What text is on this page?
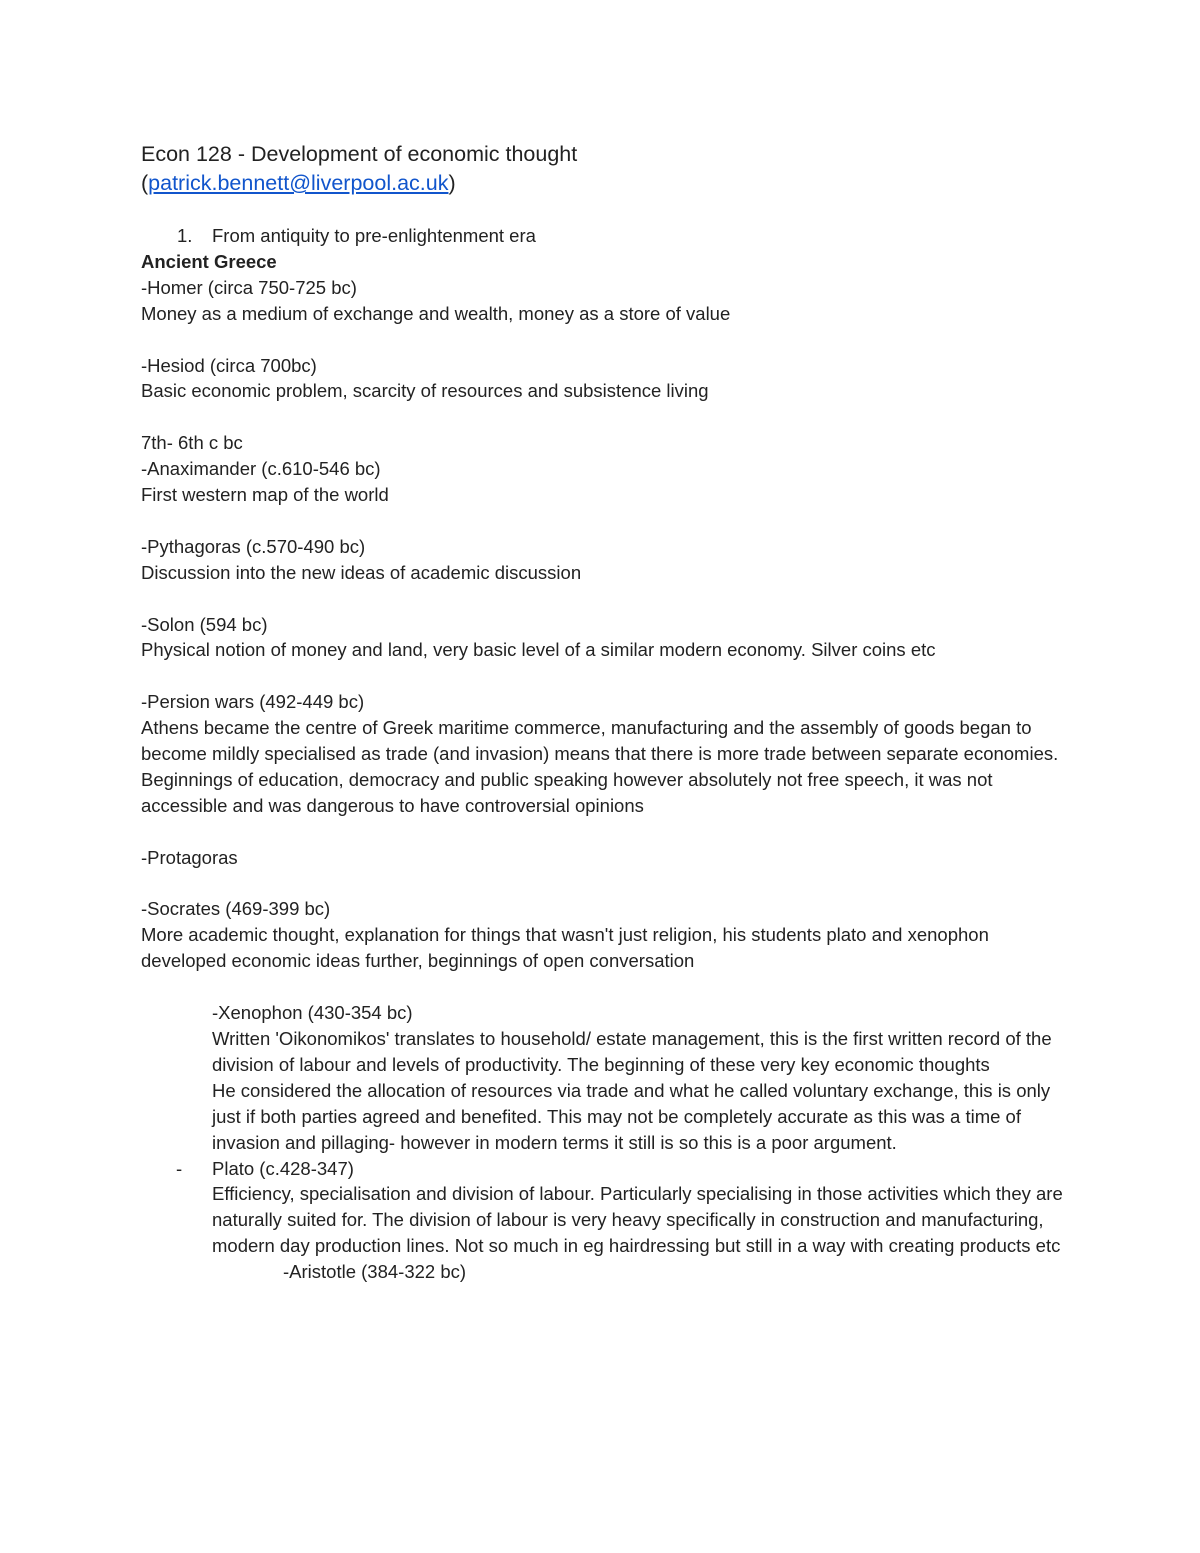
Econ 128 - Development of economic thought

(patrick.bennett@liverpool.ac.uk)

1. From antiquity to pre-enlightenment era

Ancient Greece

-Homer (circa 750-725 bc)

Money as a medium of exchange and wealth, money as a store of value

-Hesiod (circa 700bc)

Basic economic problem, scarcity of resources and subsistence living

7th- 6th c bc

-Anaximander (c.610-546 bc)

First western map of the world

-Pythagoras (c.570-490 bc)

Discussion into the new ideas of academic discussion

-Solon (594 bc)

Physical notion of money and land, very basic level of a similar modern economy. Silver coins etc

-Persion wars (492-449 bc)

Athens became the centre of Greek maritime commerce, manufacturing and the assembly of goods began to become mildly specialised as trade (and invasion) means that there is more trade between separate economies.

Beginnings of education, democracy and public speaking however absolutely not free speech, it was not accessible and was dangerous to have controversial opinions

-Protagoras

-Socrates (469-399 bc)

More academic thought, explanation for things that wasn't just religion, his students plato and xenophon developed economic ideas further, beginnings of open conversation

-Xenophon (430-354 bc)

Written 'Oikonomikos' translates to household/ estate management, this is the first written record of the division of labour and levels of productivity. The beginning of these very key economic thoughts

He considered the allocation of resources via trade and what he called voluntary exchange, this is only just if both parties agreed and benefited. This may not be completely accurate as this was a time of invasion and pillaging- however in modern terms it still is so this is a poor argument.

- Plato (c.428-347)

Efficiency, specialisation and division of labour. Particularly specialising in those activities which they are naturally suited for. The division of labour is very heavy specifically in construction and manufacturing, modern day production lines. Not so much in eg hairdressing but still in a way with creating products etc

-Aristotle (384-322 bc)
